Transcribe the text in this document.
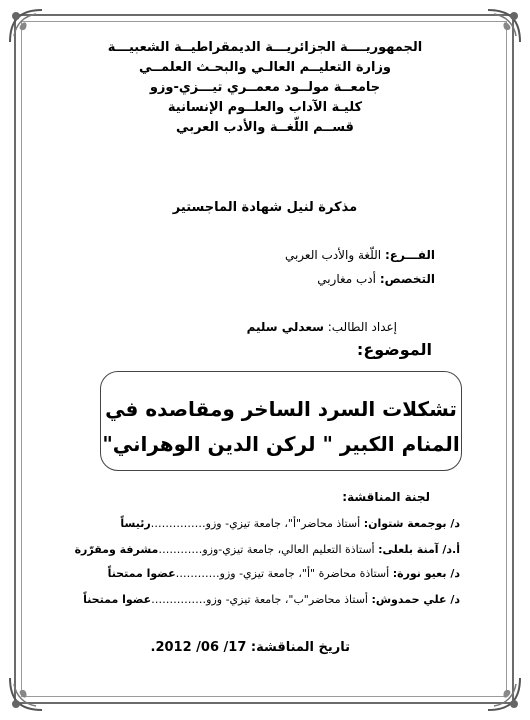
الجمهوريــــة الجزائريـــة الديمقراطيــة الشعبيـــة

وزارة التعليــم العالـي والبحـث العلمــي

جامعــة مولــود معمــري تيـــزي-وزو

كليـة الآداب والعلــوم الإنسانية

قســم اللّغــة والأدب العربي

مذكرة لنيل شهادة الماجستير
الفـــرع: اللّغة والأدب العربي
التخصص: أدب مغاربي
إعداد الطالب: سعدلي سليم
الموضوع:
تشكلات السرد الساخر ومقاصده في
المنام الكبير " لركن الدين الوهراني"
لجنة المناقشة:
د/ بوجمعة شتوان: أستاذ محاضر"أ"، جامعة تيزي- وزو……………رئيساً
أ.د/ آمنة بلعلى: أستاذة التعليم العالي، جامعة تيزي-وزو…………مشرفة ومقرّرة
د/ بعيو نورة: أستاذة محاضرة "أ"، جامعة تيزي- وزو…………عضوا ممتحناً
د/ علي حمدوش: أستاذ محاضر"ب"، جامعة تيزي- وزو……………عضوا ممتحناً
تاريخ المناقشة: 17/ 06/ 2012.
